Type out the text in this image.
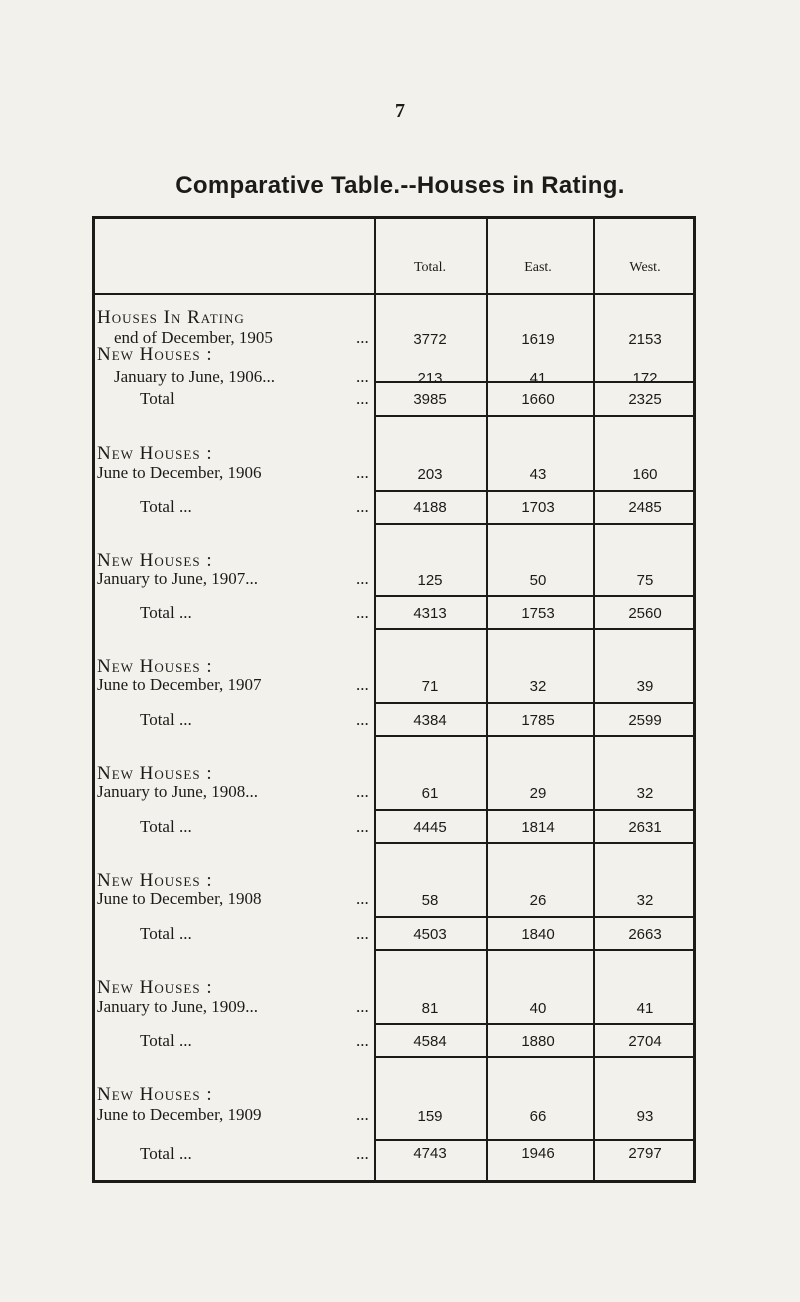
7
Comparative Table.--Houses in Rating.
Total.	East.	West.
Houses In Rating
end of December, 1905	...	3772	1619	2153
New Houses :
January to June, 1906...	...	213	41	172
Total	...	3985	1660	2325
New Houses :
June to December, 1906	...	203	43	160
Total ...	...	4188	1703	2485
New Houses :
January to June, 1907...	...	125	50	75
Total ...	...	4313	1753	2560
New Houses :
June to December, 1907	...	71	32	39
Total ...	...	4384	1785	2599
New Houses :
January to June, 1908...	...	61	29	32
Total ...	...	4445	1814	2631
New Houses :
June to December, 1908	...	58	26	32
Total ...	...	4503	1840	2663
New Houses :
January to June, 1909...	...	81	40	41
Total ...	...	4584	1880	2704
New Houses :
June to December, 1909	...	159	66	93
Total ...	...	4743	1946	2797
